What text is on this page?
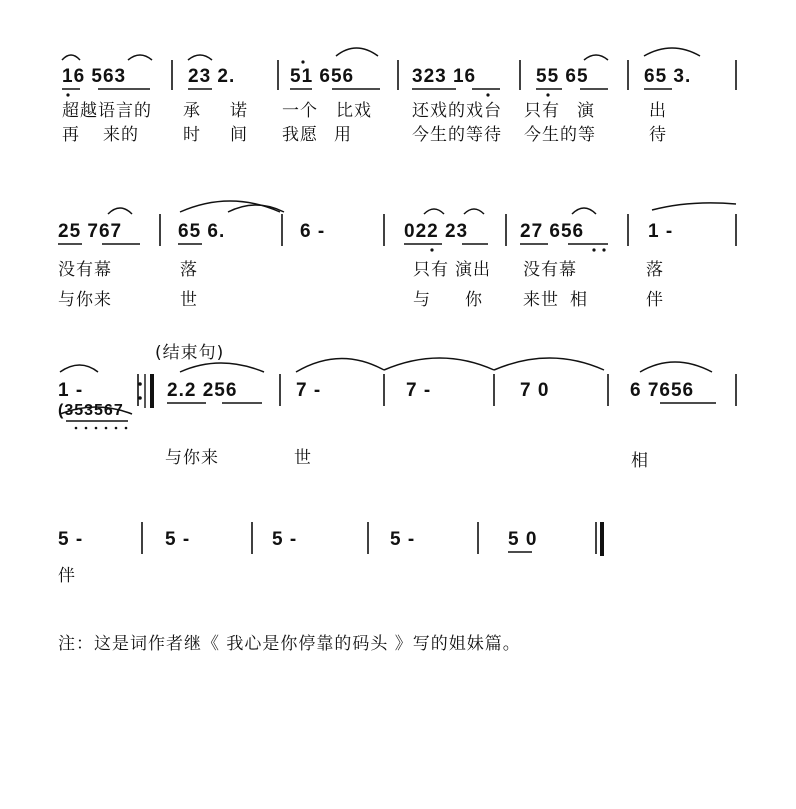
16 563	23 2.	51 656	323 16	55 65	65 3.
超越语言的 承 诺 一个 比戏 还戏的戏台 只有 演	出
再 来的	时 间 我愿 用	今生的等待 今生的等	待
25 767	65 6.	6 -	022 23	27 656	1 -
没有幕	落	只有 演出 没有幕	落
与你来	世	与 你 来世 相	伴
(结束句)
1 -
(353567
2.2 256	7 -	7 -	7 0	6 7656
与你来	世	相
5 -	5 -	5 -	5 -	5 0
伴
注：这是词作者继《 我心是你停靠的码头 》写的姐妹篇。
